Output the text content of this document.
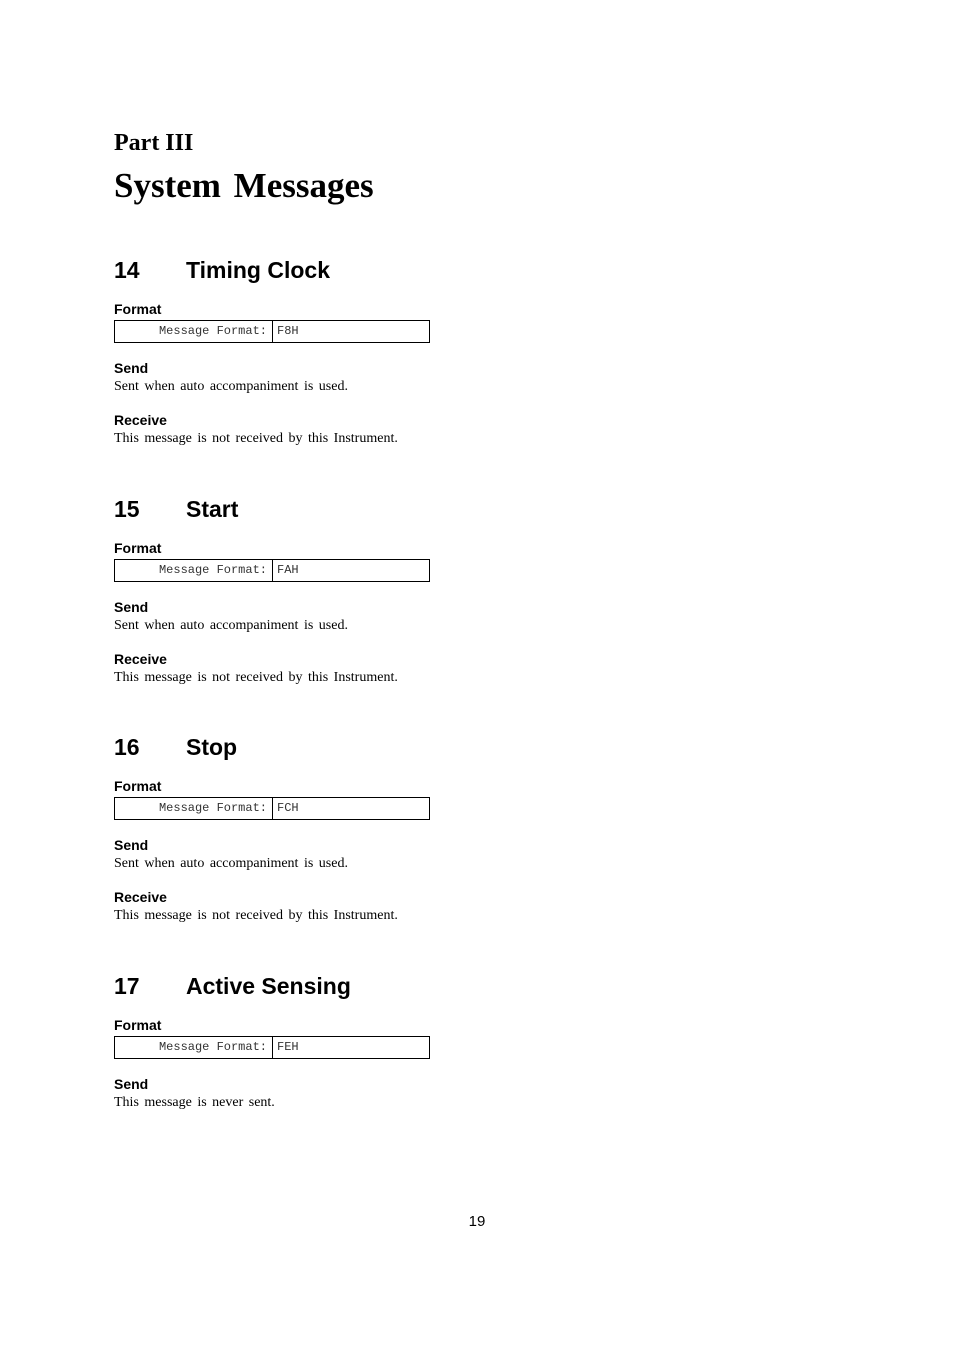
Part III
System Messages
14 Timing Clock
Format
Message Format: F8H
Send
Sent when auto accompaniment is used.
Receive
This message is not received by this Instrument.
15 Start
Format
Message Format: FAH
Send
Sent when auto accompaniment is used.
Receive
This message is not received by this Instrument.
16 Stop
Format
Message Format: FCH
Send
Sent when auto accompaniment is used.
Receive
This message is not received by this Instrument.
17 Active Sensing
Format
Message Format: FEH
Send
This message is never sent.
19
